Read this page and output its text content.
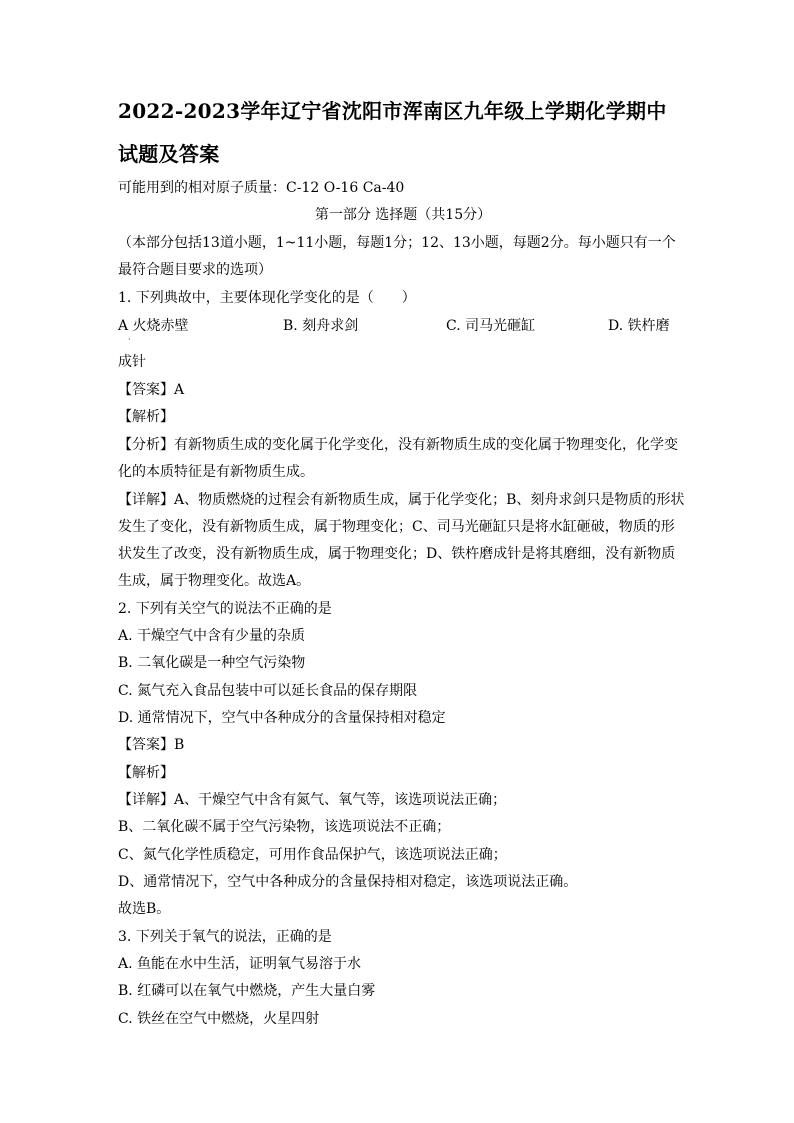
2022-2023学年辽宁省沈阳市浑南区九年级上学期化学期中
试题及答案
可能用到的相对原子质量：C-12 O-16 Ca-40
第一部分 选择题（共15分）
（本部分包括13道小题，1~11小题，每题1分；12、13小题，每题2分。每小题只有一个
最符合题目要求的选项）
1. 下列典故中，主要体现化学变化的是（　　）
A 火烧赤壁	B. 刻舟求剑	C. 司马光砸缸	D. 铁杵磨
·
成针
【答案】A
【解析】
【分析】有新物质生成的变化属于化学变化，没有新物质生成的变化属于物理变化，化学变
化的本质特征是有新物质生成。
【详解】A、物质燃烧的过程会有新物质生成，属于化学变化；B、刻舟求剑只是物质的形状
发生了变化，没有新物质生成，属于物理变化；C、司马光砸缸只是将水缸砸破，物质的形
状发生了改变，没有新物质生成，属于物理变化；D、铁杵磨成针是将其磨细，没有新物质
生成，属于物理变化。故选A。
2. 下列有关空气的说法不正确的是
A. 干燥空气中含有少量的杂质
B. 二氧化碳是一种空气污染物
C. 氮气充入食品包装中可以延长食品的保存期限
D. 通常情况下，空气中各种成分的含量保持相对稳定
【答案】B
【解析】
【详解】A、干燥空气中含有氮气、氧气等，该选项说法正确；
B、二氧化碳不属于空气污染物，该选项说法不正确；
C、氮气化学性质稳定，可用作食品保护气，该选项说法正确；
D、通常情况下，空气中各种成分的含量保持相对稳定，该选项说法正确。
故选B。
3. 下列关于氧气的说法，正确的是
A. 鱼能在水中生活，证明氧气易溶于水
B. 红磷可以在氧气中燃烧，产生大量白雾
C. 铁丝在空气中燃烧，火星四射
